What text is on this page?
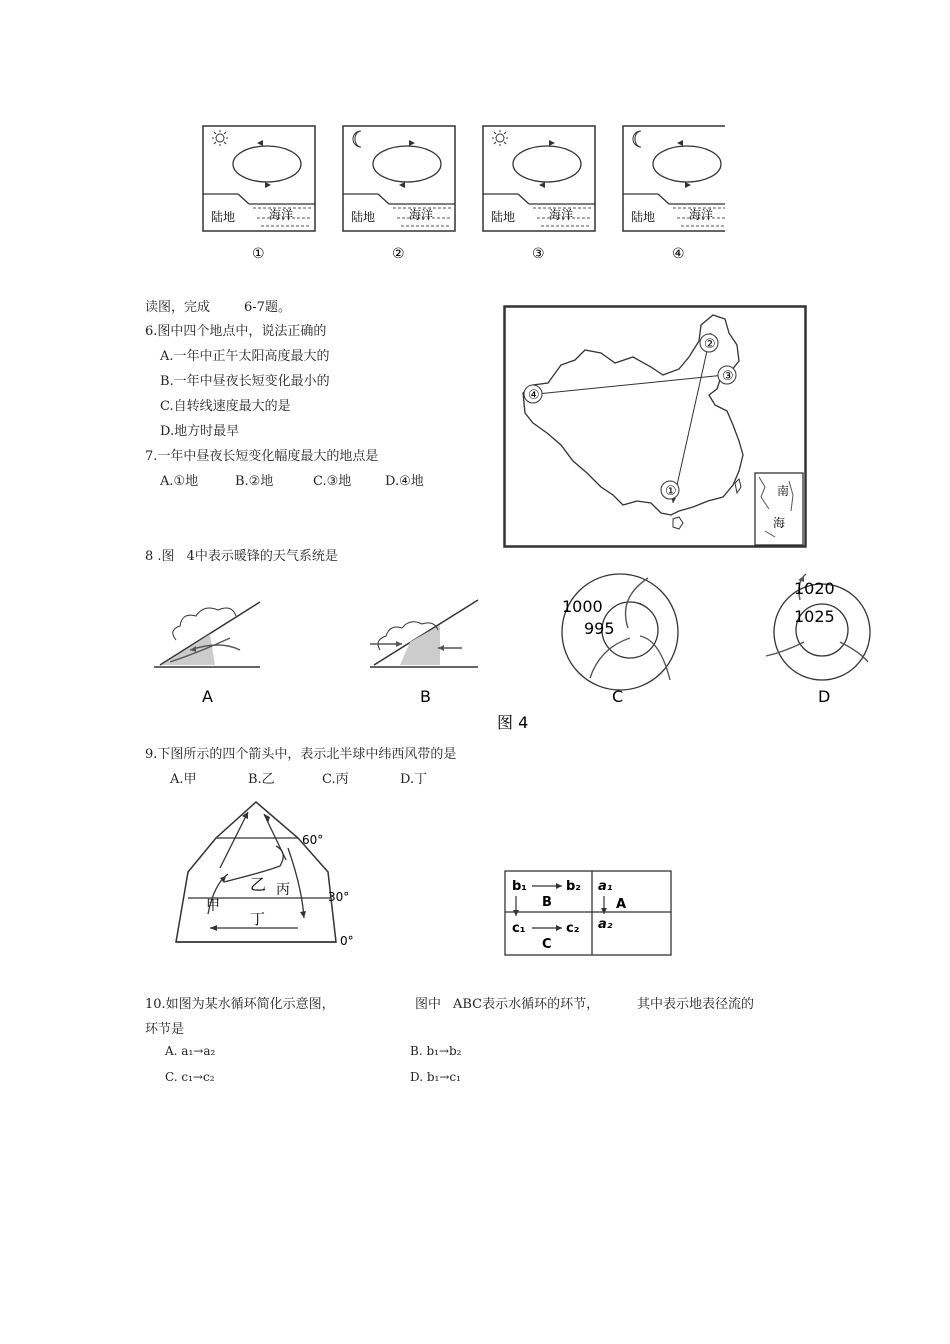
陆地	海洋
①
陆地	海洋
②
陆地	海洋
③
陆地	海洋
④
读图，完成	6-7题。
6.图中四个地点中，说法正确的
A.一年中正午太阳高度最大的
B.一年中昼夜长短变化最小的
C.自转线速度最大的是
D.地方时最早
7.一年中昼夜长短变化幅度最大的地点是
A.①地	B.②地	C.③地	D.④地
南
海
①
②
③
④
8 .图 4中表示暖锋的天气系统是
A	B
1000
995
C
1020
1025
D
图 4
9.下图所示的四个箭头中，表示北半球中纬西风带的是
A.甲	B.乙	C.丙	D.丁
乙 丙
甲
丁
60°
30°
0°
b₁	b₂
B
c₁	c₂
C
a₁
A
a₂
10.如图为某水循环简化示意图，	图中 ABC表示水循环的环节，	其中表示地表径流的
环节是
A. a₁→a₂	B. b₁→b₂
C. c₁→c₂	D. b₁→c₁
